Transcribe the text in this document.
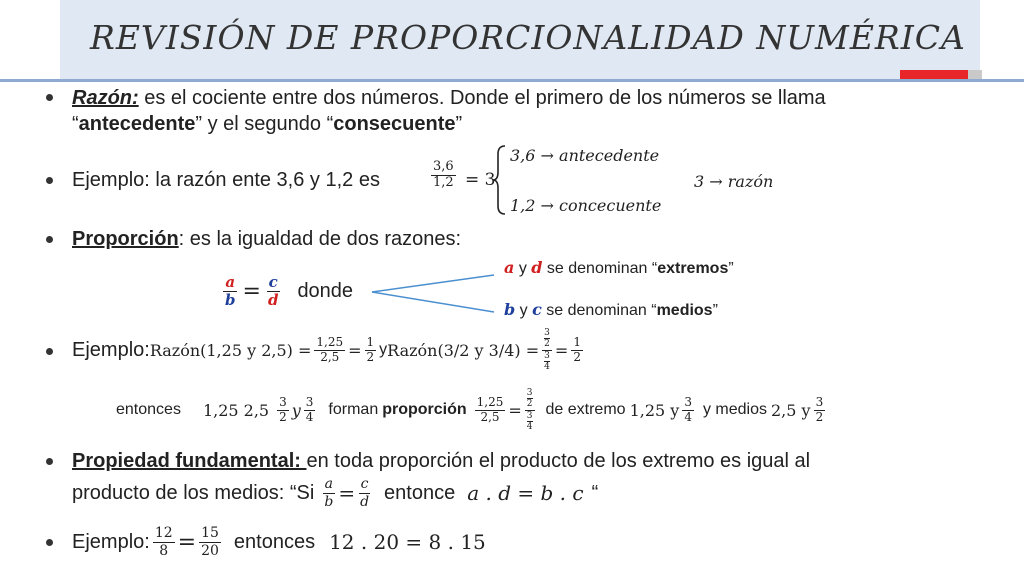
REVISIÓN DE PROPORCIONALIDAD NUMÉRICA
Razón: es el cociente entre dos números. Donde el primero de los números se llama
“antecedente” y el segundo “consecuente”
Ejemplo: la razón ente 3,6 y 1,2 es	$\frac{3,6}{1,2} = 3$
3,6 → antecedente
1,2 → concecuente
3 → razón
Proporción: es la igualdad de dos razones:
$\frac{a}{b} = \frac{c}{d}$ donde
a y d se denominan “extremos”
b y c se denominan “medios”
Ejemplo: Razón(1,25 y $2,5) = \frac{1,25}{2,5} = \frac{1}{2}$ y Razón(3/2 y $3/4) = \frac{\frac{3}{2}}{\frac{3}{4}} = \frac{1}{2}$
entonces 1,25 $2,5 \frac{3}{2}$ y $\frac{3}{4}$ forman proporción $\frac{1,25}{2,5} = \frac{\frac{3}{2}}{\frac{3}{4}}$ de extremo 1,25 y $\frac{3}{4}$ y medios 2,5 y $\frac{3}{2}$
Propiedad fundamental: en toda proporción el producto de los extremo es igual al
producto de los medios: “$Si \frac{a}{b} = \frac{c}{d}$ entonce a . d = b . c “
Ejemplo: $\frac{12}{8} = \frac{15}{20}$ entonces 12 . 20 = 8 . 15
